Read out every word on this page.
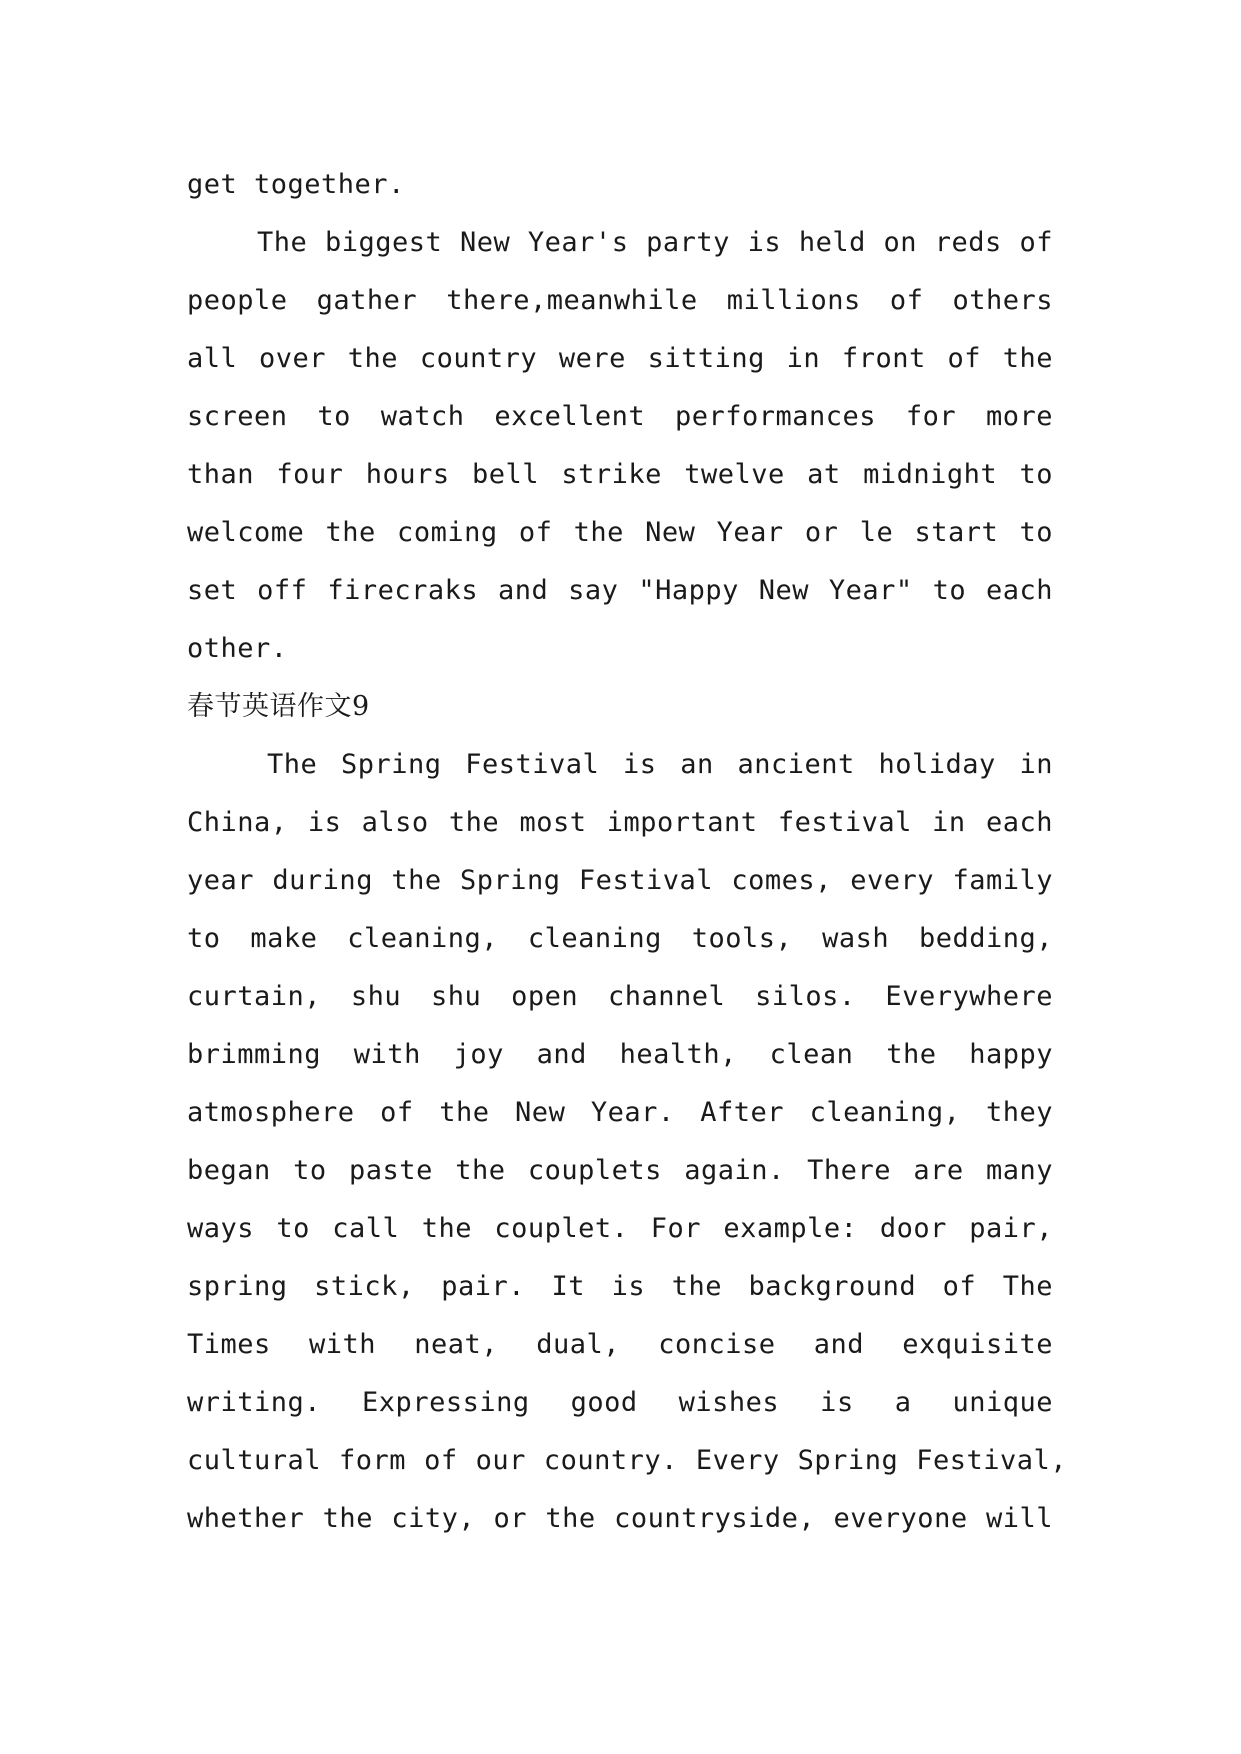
get together.
The biggest New Year's party is held on reds of
people gather there,meanwhile millions of others
all over the country were sitting in front of the
screen to watch excellent performances for more
than four hours bell strike twelve at midnight to
welcome the coming of the New Year or le start to
set off firecraks and say "Happy New Year" to each
other.
春节英语作文9
The Spring Festival is an ancient holiday in
China, is also the most important festival in each
year during the Spring Festival comes, every family
to make cleaning, cleaning tools, wash bedding,
curtain, shu shu open channel silos. Everywhere
brimming with joy and health, clean the happy
atmosphere of the New Year. After cleaning, they
began to paste the couplets again. There are many
ways to call the couplet. For example: door pair,
spring stick, pair. It is the background of The
Times with neat, dual, concise and exquisite
writing. Expressing good wishes is a unique
cultural form of our country. Every Spring Festival,
whether the city, or the countryside, everyone will
